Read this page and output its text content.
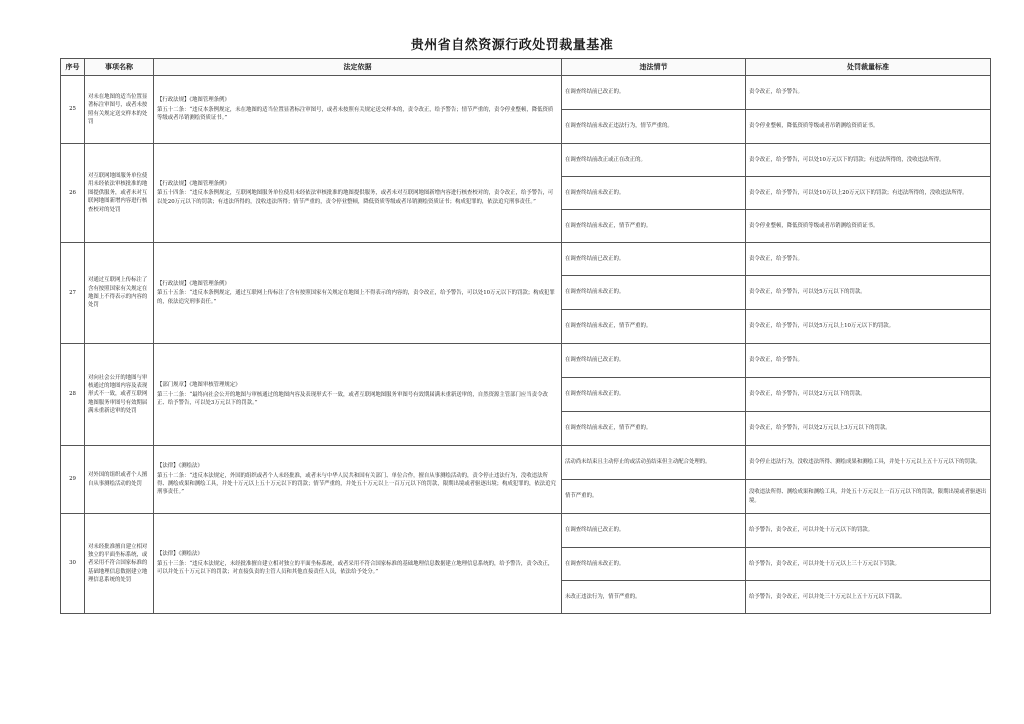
贵州省自然资源行政处罚裁量基准
序号	事项名称	法定依据	违法情节	处罚裁量标准
25	对未在地图的适当位置显著标注审图号，或者未按照有关规定送交样本的处罚	【行政法规】《地图管理条例》
第五十二条：“违反本条例规定，未在地图的适当位置显著标注审图号，或者未按照有关规定送交样本的，责令改正，给予警告；情节严重的，责令停业整顿，降低资质等级或者吊销测绘资质证书。”	在调查终结前已改正的。	责令改正，给予警告。
			在调查终结前未改正违法行为，情节严重的。	责令停业整顿，降低资质等级或者吊销测绘资质证书。
26	对互联网地图服务单位使用未经依法审核批准的地图提供服务，或者未对互联网地图新增内容进行核查校对的处罚	【行政法规】《地图管理条例》
第五十四条：“违反本条例规定，互联网地图服务单位使用未经依法审核批准的地图提供服务，或者未对互联网地图新增内容进行核查校对的，责令改正，给予警告，可以处20万元以下的罚款；有违法所得的，没收违法所得；情节严重的，责令停业整顿，降低资质等级或者吊销测绘资质证书；构成犯罪的，依法追究刑事责任。”	在调查终结前改正或正在改正的。	责令改正，给予警告，可以处10万元以下的罚款；有违法所得的，没收违法所得。
			在调查终结前未改正的。	责令改正，给予警告，可以处10万以上20万元以下的罚款；有违法所得的，没收违法所得。
			在调查终结前未改正，情节严重的。	责令停业整顿，降低资质等级或者吊销测绘资质证书。
27	对通过互联网上传标注了含有按照国家有关规定在地图上不得表示的内容的处罚	【行政法规】《地图管理条例》
第五十五条：“违反本条例规定，通过互联网上传标注了含有按照国家有关规定在地图上不得表示的内容的，责令改正，给予警告，可以处10万元以下的罚款；构成犯罪的，依法追究刑事责任。”	在调查终结前已改正的。	责令改正，给予警告。
			在调查终结前未改正的。	责令改正，给予警告，可以处5万元以下的罚款。
			在调查终结前未改正，情节严重的。	责令改正，给予警告，可以处5万元以上10万元以下的罚款。
28	对向社会公开的地图与审核通过的地图内容及表现形式不一致，或者互联网地图服务审图号有效期届满未重新送审的处罚	【部门规章】《地图审核管理规定》
第三十二条：“最终向社会公开的地图与审核通过的地图内容及表现形式不一致，或者互联网地图服务审图号有效期届满未重新送审的，自然资源主管部门应当责令改正、给予警告，可以处3万元以下的罚款。”	在调查终结前已改正的。	责令改正，给予警告。
			在调查终结前未改正的。	责令改正，给予警告，可以处2万元以下的罚款。
			在调查终结前未改正，情节严重的。	责令改正，给予警告，可以处2万元以上3万元以下的罚款。
29	对外国的组织或者个人擅自从事测绘活动的处罚	【法律】《测绘法》
第五十二条：“违反本法规定，外国的组织或者个人未经批准，或者未与中华人民共和国有关部门、单位合作，擅自从事测绘活动的，责令停止违法行为，没收违法所得、测绘成果和测绘工具，并处十万元以上五十万元以下的罚款；情节严重的，并处五十万元以上一百万元以下的罚款，限期出境或者驱逐出境；构成犯罪的，依法追究刑事责任。”	活动尚未结束且主动停止的或活动虽结束但主动配合处理的。	责令停止违法行为，没收违法所得、测绘成果和测绘工具，并处十万元以上五十万元以下的罚款。
			情节严重的。	没收违法所得、测绘成果和测绘工具，并处五十万元以上一百万元以下的罚款，限期出境或者驱逐出境。
30	对未经批准擅自建立相对独立的平面坐标系统，或者采用不符合国家标准的基础地理信息数据建立地理信息系统的处罚	【法律】《测绘法》
第五十三条：“违反本法规定，未经批准擅自建立相对独立的平面坐标系统，或者采用不符合国家标准的基础地理信息数据建立地理信息系统的，给予警告，责令改正，可以并处五十万元以下的罚款；对直接负责的主管人员和其他直接责任人员，依法给予处分。”	在调查终结前已改正的。	给予警告，责令改正，可以并处十万元以下的罚款。
			在调查终结前未改正的。	给予警告，责令改正，可以并处十万元以上三十万元以下罚款。
			未改正违法行为，情节严重的。	给予警告，责令改正，可以并处三十万元以上五十万元以下罚款。
